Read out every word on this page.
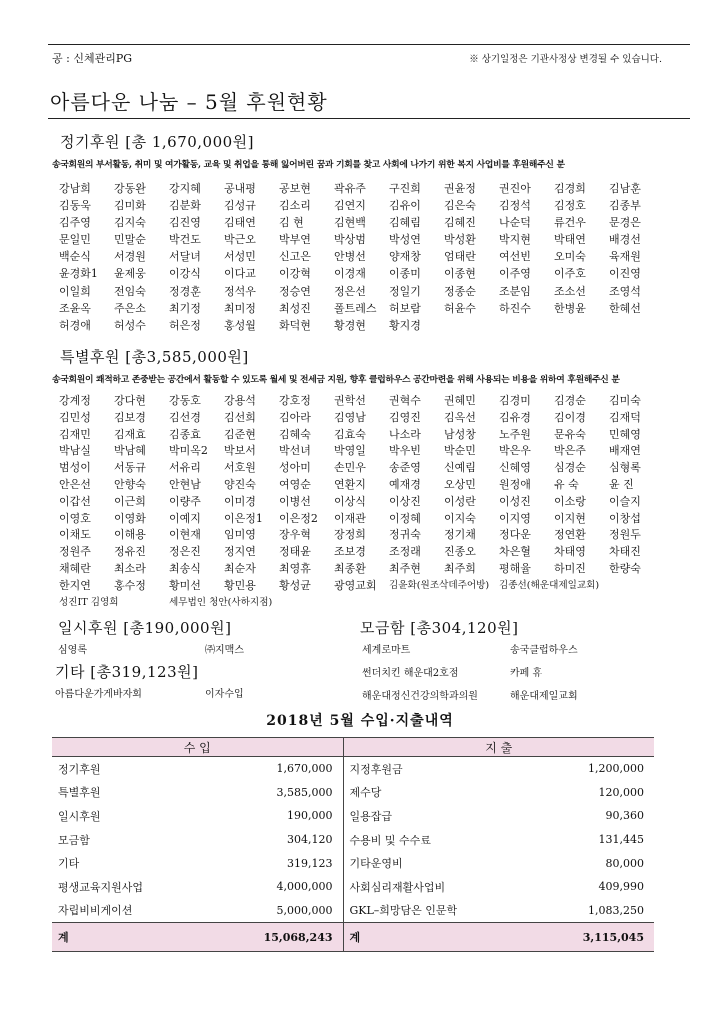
공 : 신체관리PG	※ 상기일정은 기관사정상 변경될 수 있습니다.
아름다운 나눔 – 5월 후원현황
정기후원 [총 1,670,000원]
송국회원의 부서활동, 취미 및 여가활동, 교육 및 취업을 통해 잃어버린 꿈과 기회를 찾고 사회에 나가기 위한 복지 사업비를 후원해주신 분
강남희	강동완	강지혜	공내평	공보현	곽유주	구진희	권윤정	권진아	김경희	김남훈
김동욱	김미화	김분화	김성규	김소리	김연지	김유이	김은숙	김정석	김정호	김종부
김주영	김지숙	김진영	김태연	김 현	김현백	김혜림	김혜진	나순덕	류건우	문경은
문일민	민말순	박건도	박근오	박부연	박상범	박성연	박성환	박지현	박태연	배경선
백순식	서경원	서달녀	서성민	신고은	안병선	양재창	엄태란	여선빈	오미숙	육재원
윤경화1	윤제웅	이강식	이다교	이강혁	이경재	이종미	이종현	이주영	이주호	이진영
이일희	전임숙	정경훈	정석우	정승연	정은선	정일기	정종순	조분임	조소선	조영석
조윤옥	주은소	최기정	최미정	최성진	폴트레스	허보람	허윤수	하진수	한병윤	한혜선
허경애	허성수	허은정	홍성월	화덕현	황경현	황지경
특별후원 [총3,585,000원]
송국회원이 쾌적하고 존중받는 공간에서 활동할 수 있도록 월세 및 전세금 지원, 향후 클럽하우스 공간마련을 위해 사용되는 비용을 위하여 후원해주신 분
강계정	강다현	강동호	강용석	강호정	권학선	권혁수	권혜민	김경미	김경순	김미숙
김민성	김보경	김선경	김선희	김아라	김영남	김영진	김옥선	김유경	김이경	김재덕
김재민	김재효	김종효	김준현	김혜숙	김효숙	나소라	남성창	노주원	문유숙	민혜영
박남실	박남혜	박미옥2	박보서	박선녀	박영일	박우빈	박순민	박은우	박은주	배재연
범성이	서동규	서유리	서호원	성아미	손민우	송준영	신예림	신혜영	심경순	심형록
안은선	안향숙	안현남	양진숙	여영순	연환지	예재경	오상민	원정애	유 숙	윤 진
이갑선	이근희	이량주	이미경	이병선	이상식	이상진	이성란	이성진	이소랑	이슬지
이영호	이영화	이예지	이은정1	이은정2	이재관	이정혜	이지숙	이지영	이지현	이창섭
이채도	이해용	이현재	임미영	장우혁	장정희	정귀숙	정기채	정다운	정연환	정원두
정원주	정유진	정은진	정지연	정태윤	조보경	조정래	진종오	차은혈	차태영	차태진
채혜란	최소라	최송식	최순자	최영휴	최종환	최주현	최주희	평해율	하미진	한량숙
한지연	홍수정	황미선	황민용	황성균	광영교회	김윤화(원조삭데주어방)	김종선(해운대제일교회)
성진IT 김영희	세무법인 청안(사하지점)
일시후원 [총190,000원]
심영록	㈜지맥스
모금함 [총304,120원]
세계로마트	송국클럽하우스
썬더치킨 해운대2호점	카페 휴
해운대정신건강의학과의원	해운대제일교회
기타 [총319,123원]
아름다운가게바자회	이자수입
2018년 5월 수입·지출내역
수 입		지 출	
정기후원	1,670,000	지정후원금	1,200,000
특별후원	3,585,000	제수당	120,000
일시후원	190,000	일용잡급	90,360
모금함	304,120	수용비 및 수수료	131,445
기타	319,123	기타운영비	80,000
평생교육지원사업	4,000,000	사회심리재활사업비	409,990
자립비비게이션	5,000,000	GKL–희망담은 인문학	1,083,250
계	15,068,243	계	3,115,045
